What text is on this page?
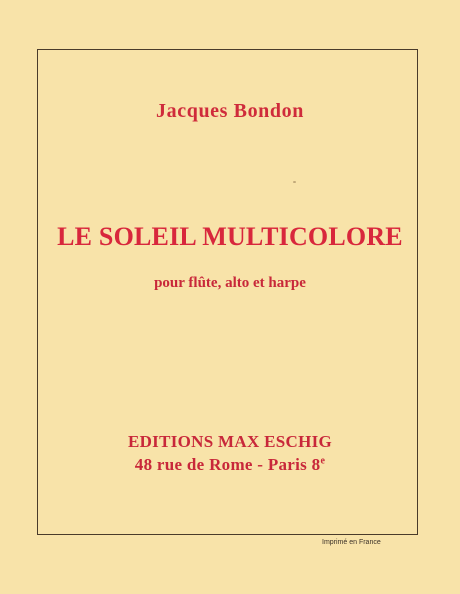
Jacques Bondon
LE SOLEIL MULTICOLORE
pour flûte, alto et harpe
EDITIONS MAX ESCHIG
48 rue de Rome - Paris 8e
Imprimé en France
